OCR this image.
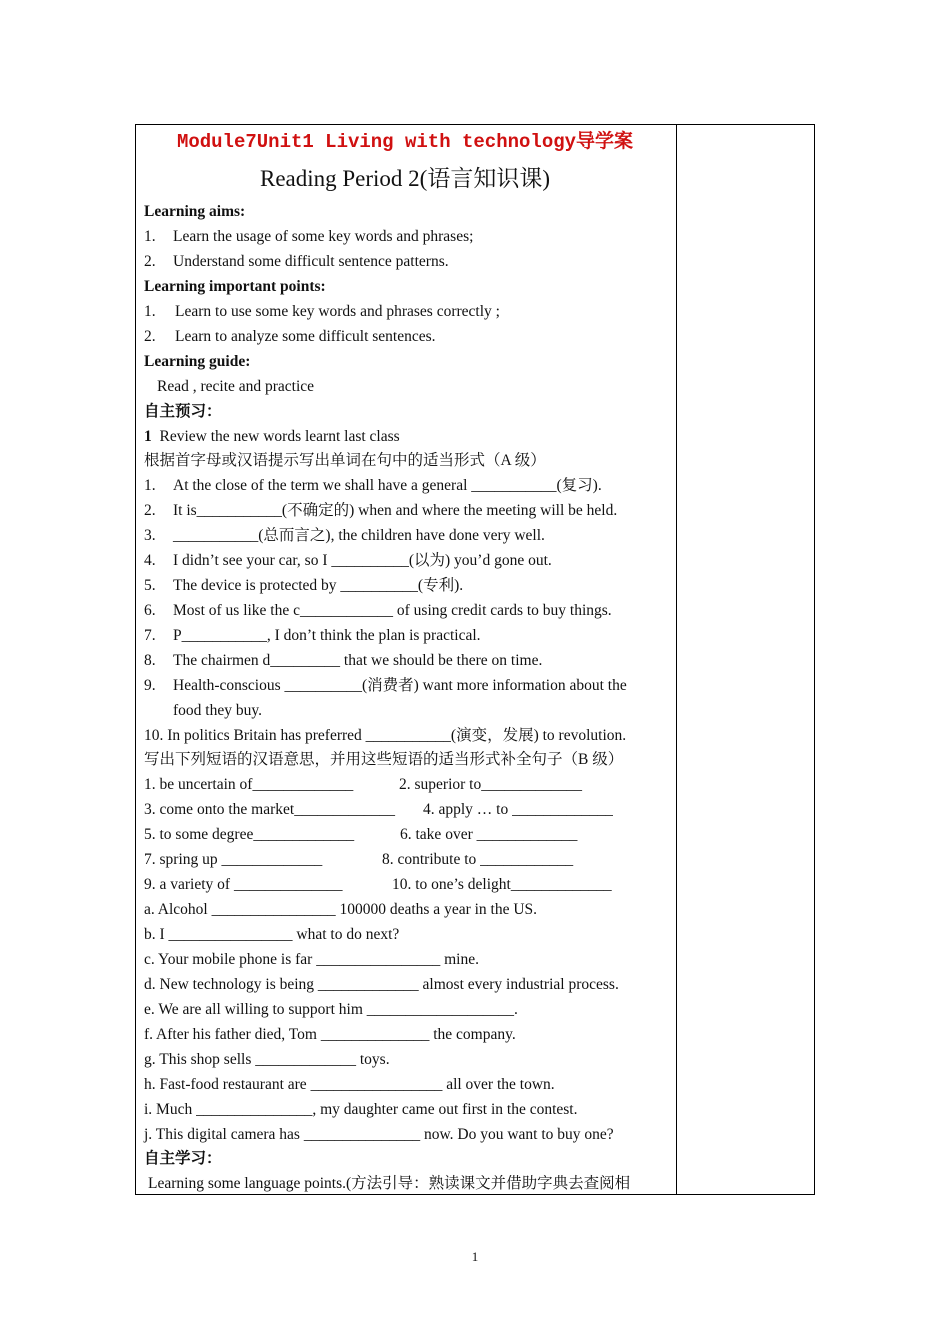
Module7Unit1 Living with technology导学案
Reading Period 2(语言知识课)
Learning aims:
1. Learn the usage of some key words and phrases;
2. Understand some difficult sentence patterns.
Learning important points:
1. Learn to use some key words and phrases correctly ;
2. Learn to analyze some difficult sentences.
Learning guide:
Read , recite and practice
自主预习：
1 Review the new words learnt last class
根据首字母或汉语提示写出单词在句中的适当形式（A 级）
1. At the close of the term we shall have a general ___________(复习).
2. It is___________(不确定的) when and where the meeting will be held.
3. ___________(总而言之), the children have done very well.
4. I didn’t see your car, so I __________(以为) you’d gone out.
5. The device is protected by __________(专利).
6. Most of us like the c____________ of using credit cards to buy things.
7. P___________, I don’t think the plan is practical.
8. The chairmen d_________ that we should be there on time.
9. Health-conscious __________(消费者) want more information about the
food they buy.
10. In politics Britain has preferred ___________(演变，发展) to revolution.
写出下列短语的汉语意思，并用这些短语的适当形式补全句子（B 级）
1. be uncertain of_____________	2. superior to_____________
3. come onto the market_____________ 4. apply … to _____________
5. to some degree_____________	6. take over _____________
7. spring up _____________	8. contribute to ____________
9. a variety of ______________	10. to one’s delight_____________
a. Alcohol ________________ 100000 deaths a year in the US.
b. I ________________ what to do next?
c. Your mobile phone is far ________________ mine.
d. New technology is being _____________ almost every industrial process.
e. We are all willing to support him ___________________.
f. After his father died, Tom ______________ the company.
g. This shop sells _____________ toys.
h. Fast-food restaurant are _________________ all over the town.
i. Much _______________, my daughter came out first in the contest.
j. This digital camera has _______________ now. Do you want to buy one?
自主学习：
Learning some language points.(方法引导：熟读课文并借助字典去查阅相
1
